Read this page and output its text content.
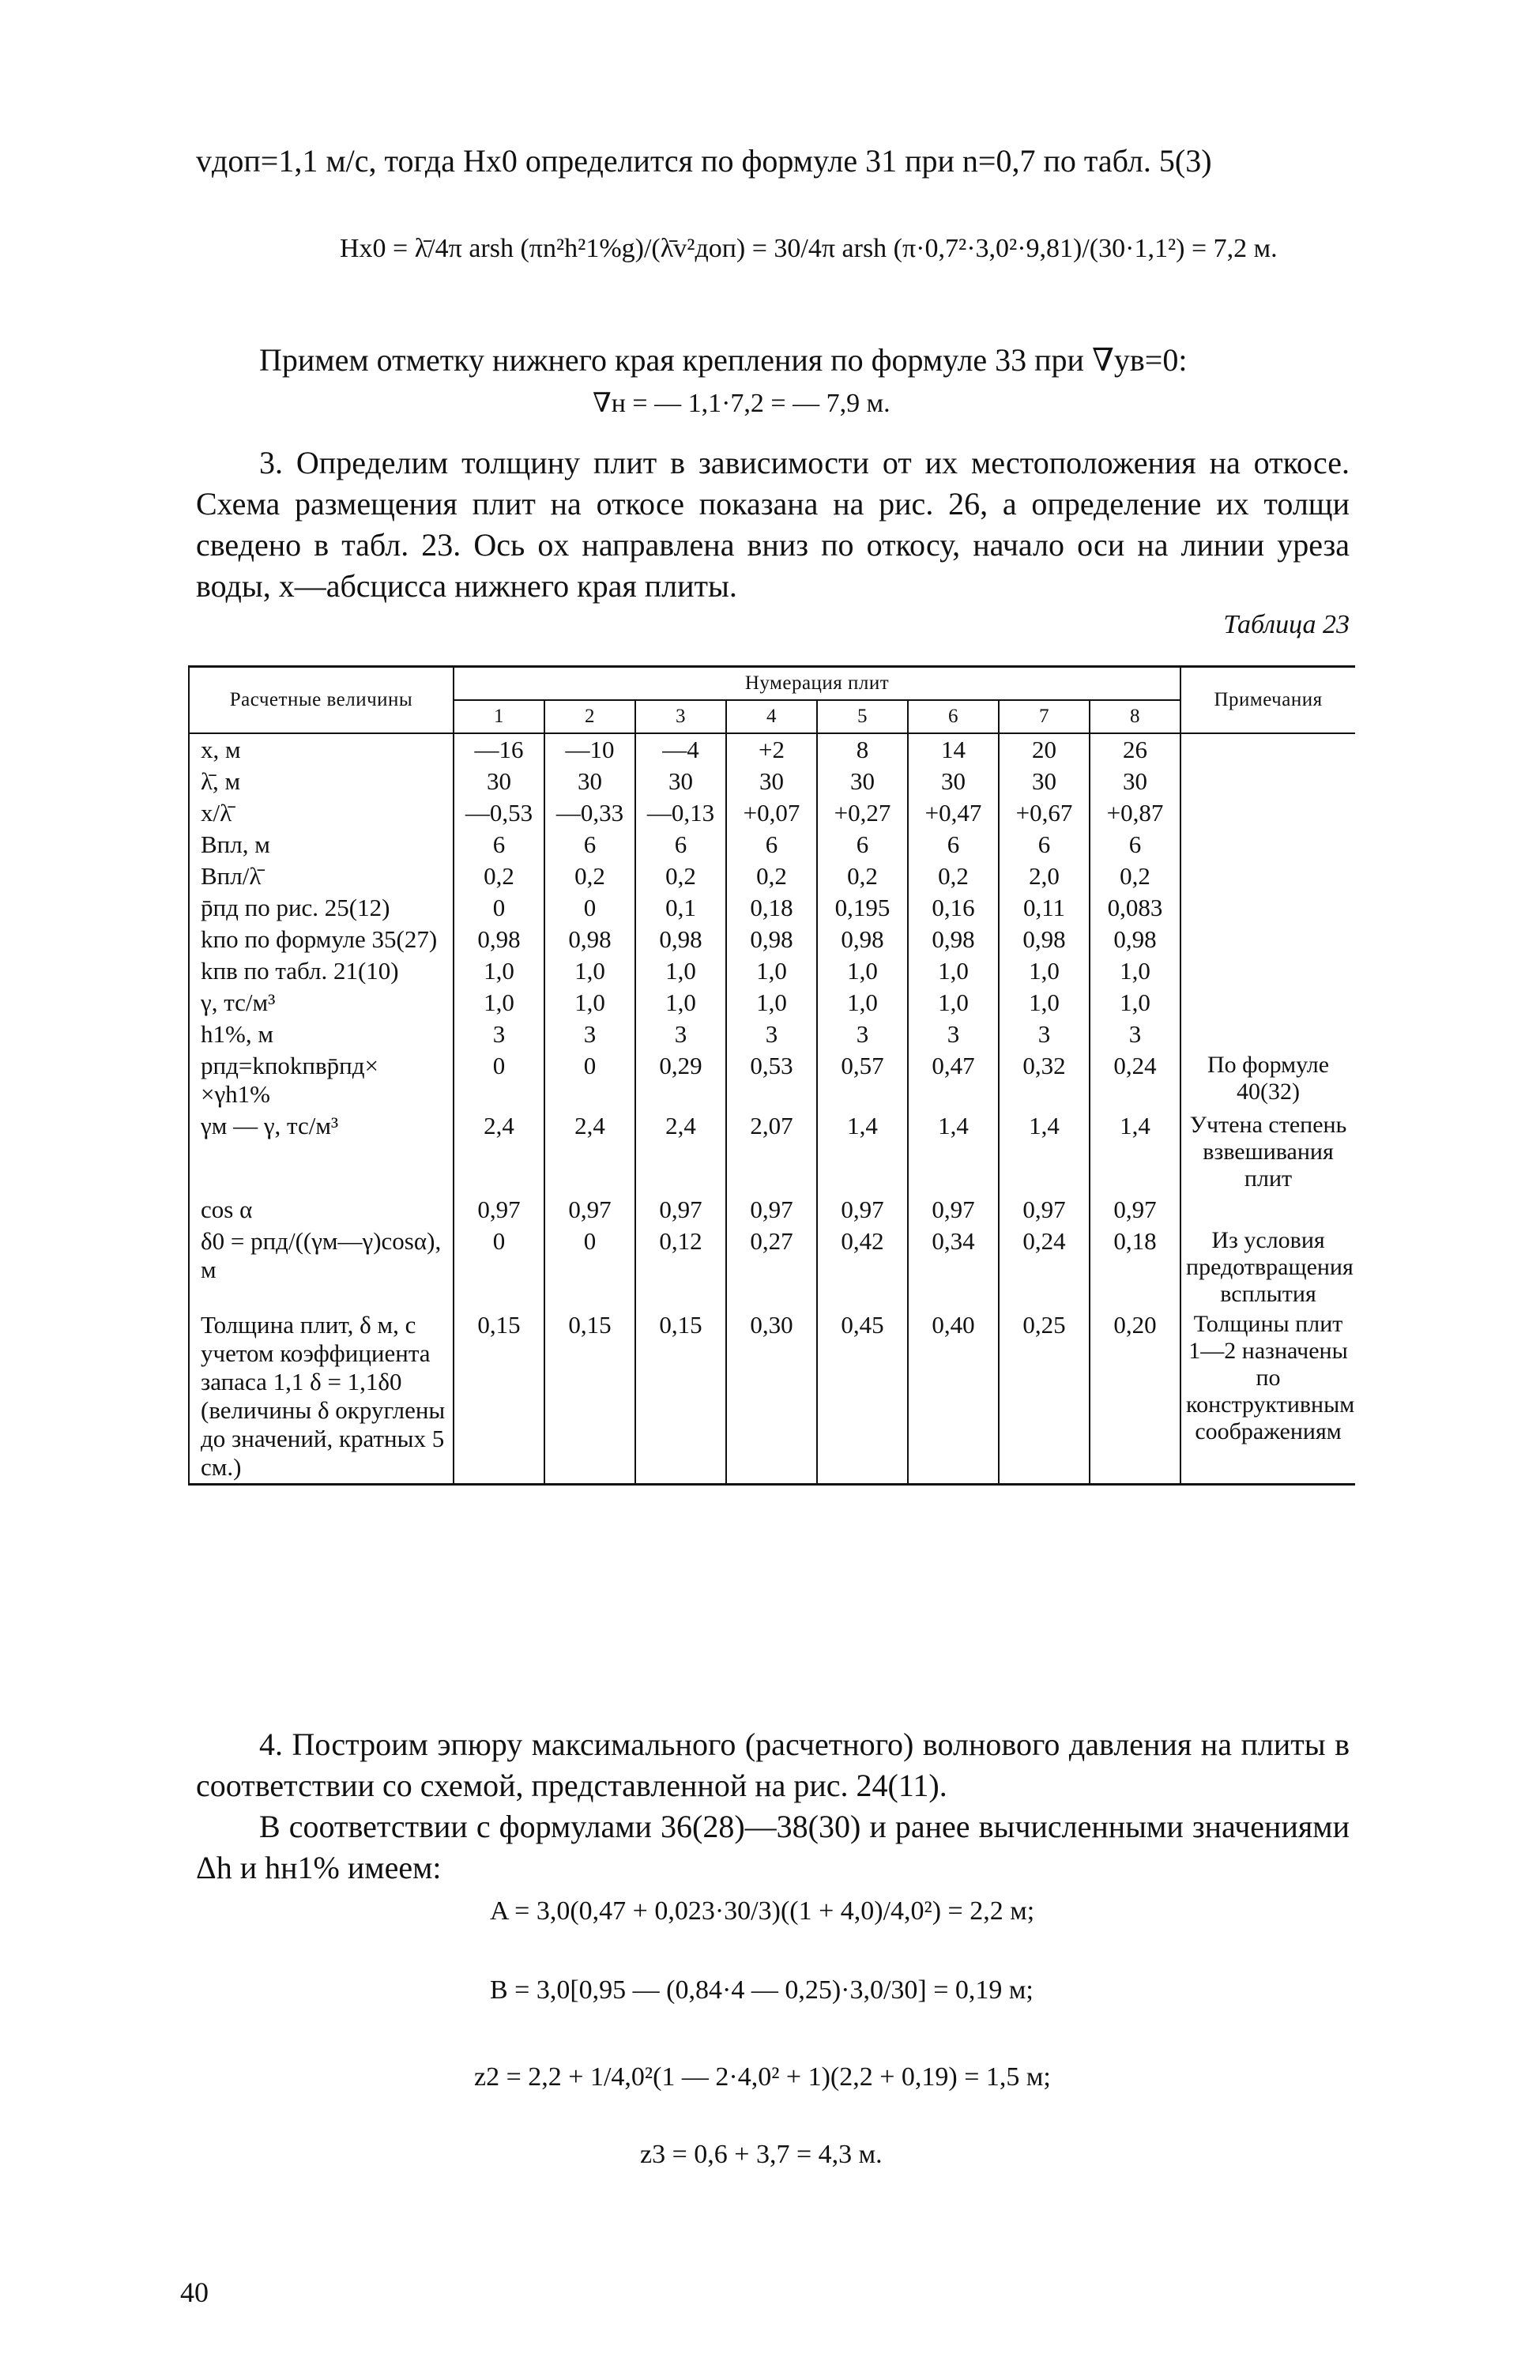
vдоп=1,1 м/с, тогда Hx0 определится по формуле 31 при n=0,7 по табл. 5(3)

Hx0 = λ̄/4π arsh (πn²h²1%g)/(λ̄v²доп) = 30/4π arsh (π·0,7²·3,0²·9,81)/(30·1,1²) = 7,2 м.

Примем отметку нижнего края крепления по формуле 33 при ∇ув=0:

∇н = — 1,1·7,2 = — 7,9 м.

3. Определим толщину плит в зависимости от их местоположения на откосе. Схема размещения плит на откосе показана на рис. 26, а определение их толщи сведено в табл. 23. Ось ox направлена вниз по откосу, начало оси на линии уреза воды, x—абсцисса нижнего края плиты.

Таблица 23
Расчетные величины	Нумерация плит								Примечания
	1	2	3	4	5	6	7	8	
x, м	—16	—10	—4	+2	8	14	20	26	
λ̄, м	30	30	30	30	30	30	30	30	
x/λ̄	—0,53	—0,33	—0,13	+0,07	+0,27	+0,47	+0,67	+0,87	
Bпл, м	6	6	6	6	6	6	6	6	
Bпл/λ̄	0,2	0,2	0,2	0,2	0,2	0,2	2,0	0,2	
p̄пд по рис. 25(12)	0	0	0,1	0,18	0,195	0,16	0,11	0,083	
kпо по формуле 35(27)	0,98	0,98	0,98	0,98	0,98	0,98	0,98	0,98	
kпв по табл. 21(10)	1,0	1,0	1,0	1,0	1,0	1,0	1,0	1,0	
γ, тс/м³	1,0	1,0	1,0	1,0	1,0	1,0	1,0	1,0	
h1%, м	3	3	3	3	3	3	3	3	
pпд=kпоkпвp̄пд× ×γh1%	0	0	0,29	0,53	0,57	0,47	0,32	0,24	По формуле 40(32)
γм — γ, тс/м³	2,4	2,4	2,4	2,07	1,4	1,4	1,4	1,4	Учтена степень взвешивания плит
cos α	0,97	0,97	0,97	0,97	0,97	0,97	0,97	0,97	
δ0 = pпд/((γм—γ)cosα), м	0	0	0,12	0,27	0,42	0,34	0,24	0,18	Из условия предотвращения всплытия
Толщина плит, δ м, с учетом коэффициента запаса 1,1 δ = 1,1δ0 (величины δ округлены до значений, кратных 5 см.)	0,15	0,15	0,15	0,30	0,45	0,40	0,25	0,20	Толщины плит 1—2 назначены по конструктивным соображениям

4. Построим эпюру максимального (расчетного) волнового давления на плиты в соответствии со схемой, представленной на рис. 24(11).

В соответствии с формулами 36(28)—38(30) и ранее вычисленными значениями Δh и hн1% имеем:

A = 3,0(0,47 + 0,023·30/3)((1 + 4,0)/4,0²) = 2,2 м;
B = 3,0[0,95 — (0,84·4 — 0,25)·3,0/30] = 0,19 м;
z2 = 2,2 + 1/4,0²(1 — 2·4,0² + 1)(2,2 + 0,19) = 1,5 м;
z3 = 0,6 + 3,7 = 4,3 м.
40
